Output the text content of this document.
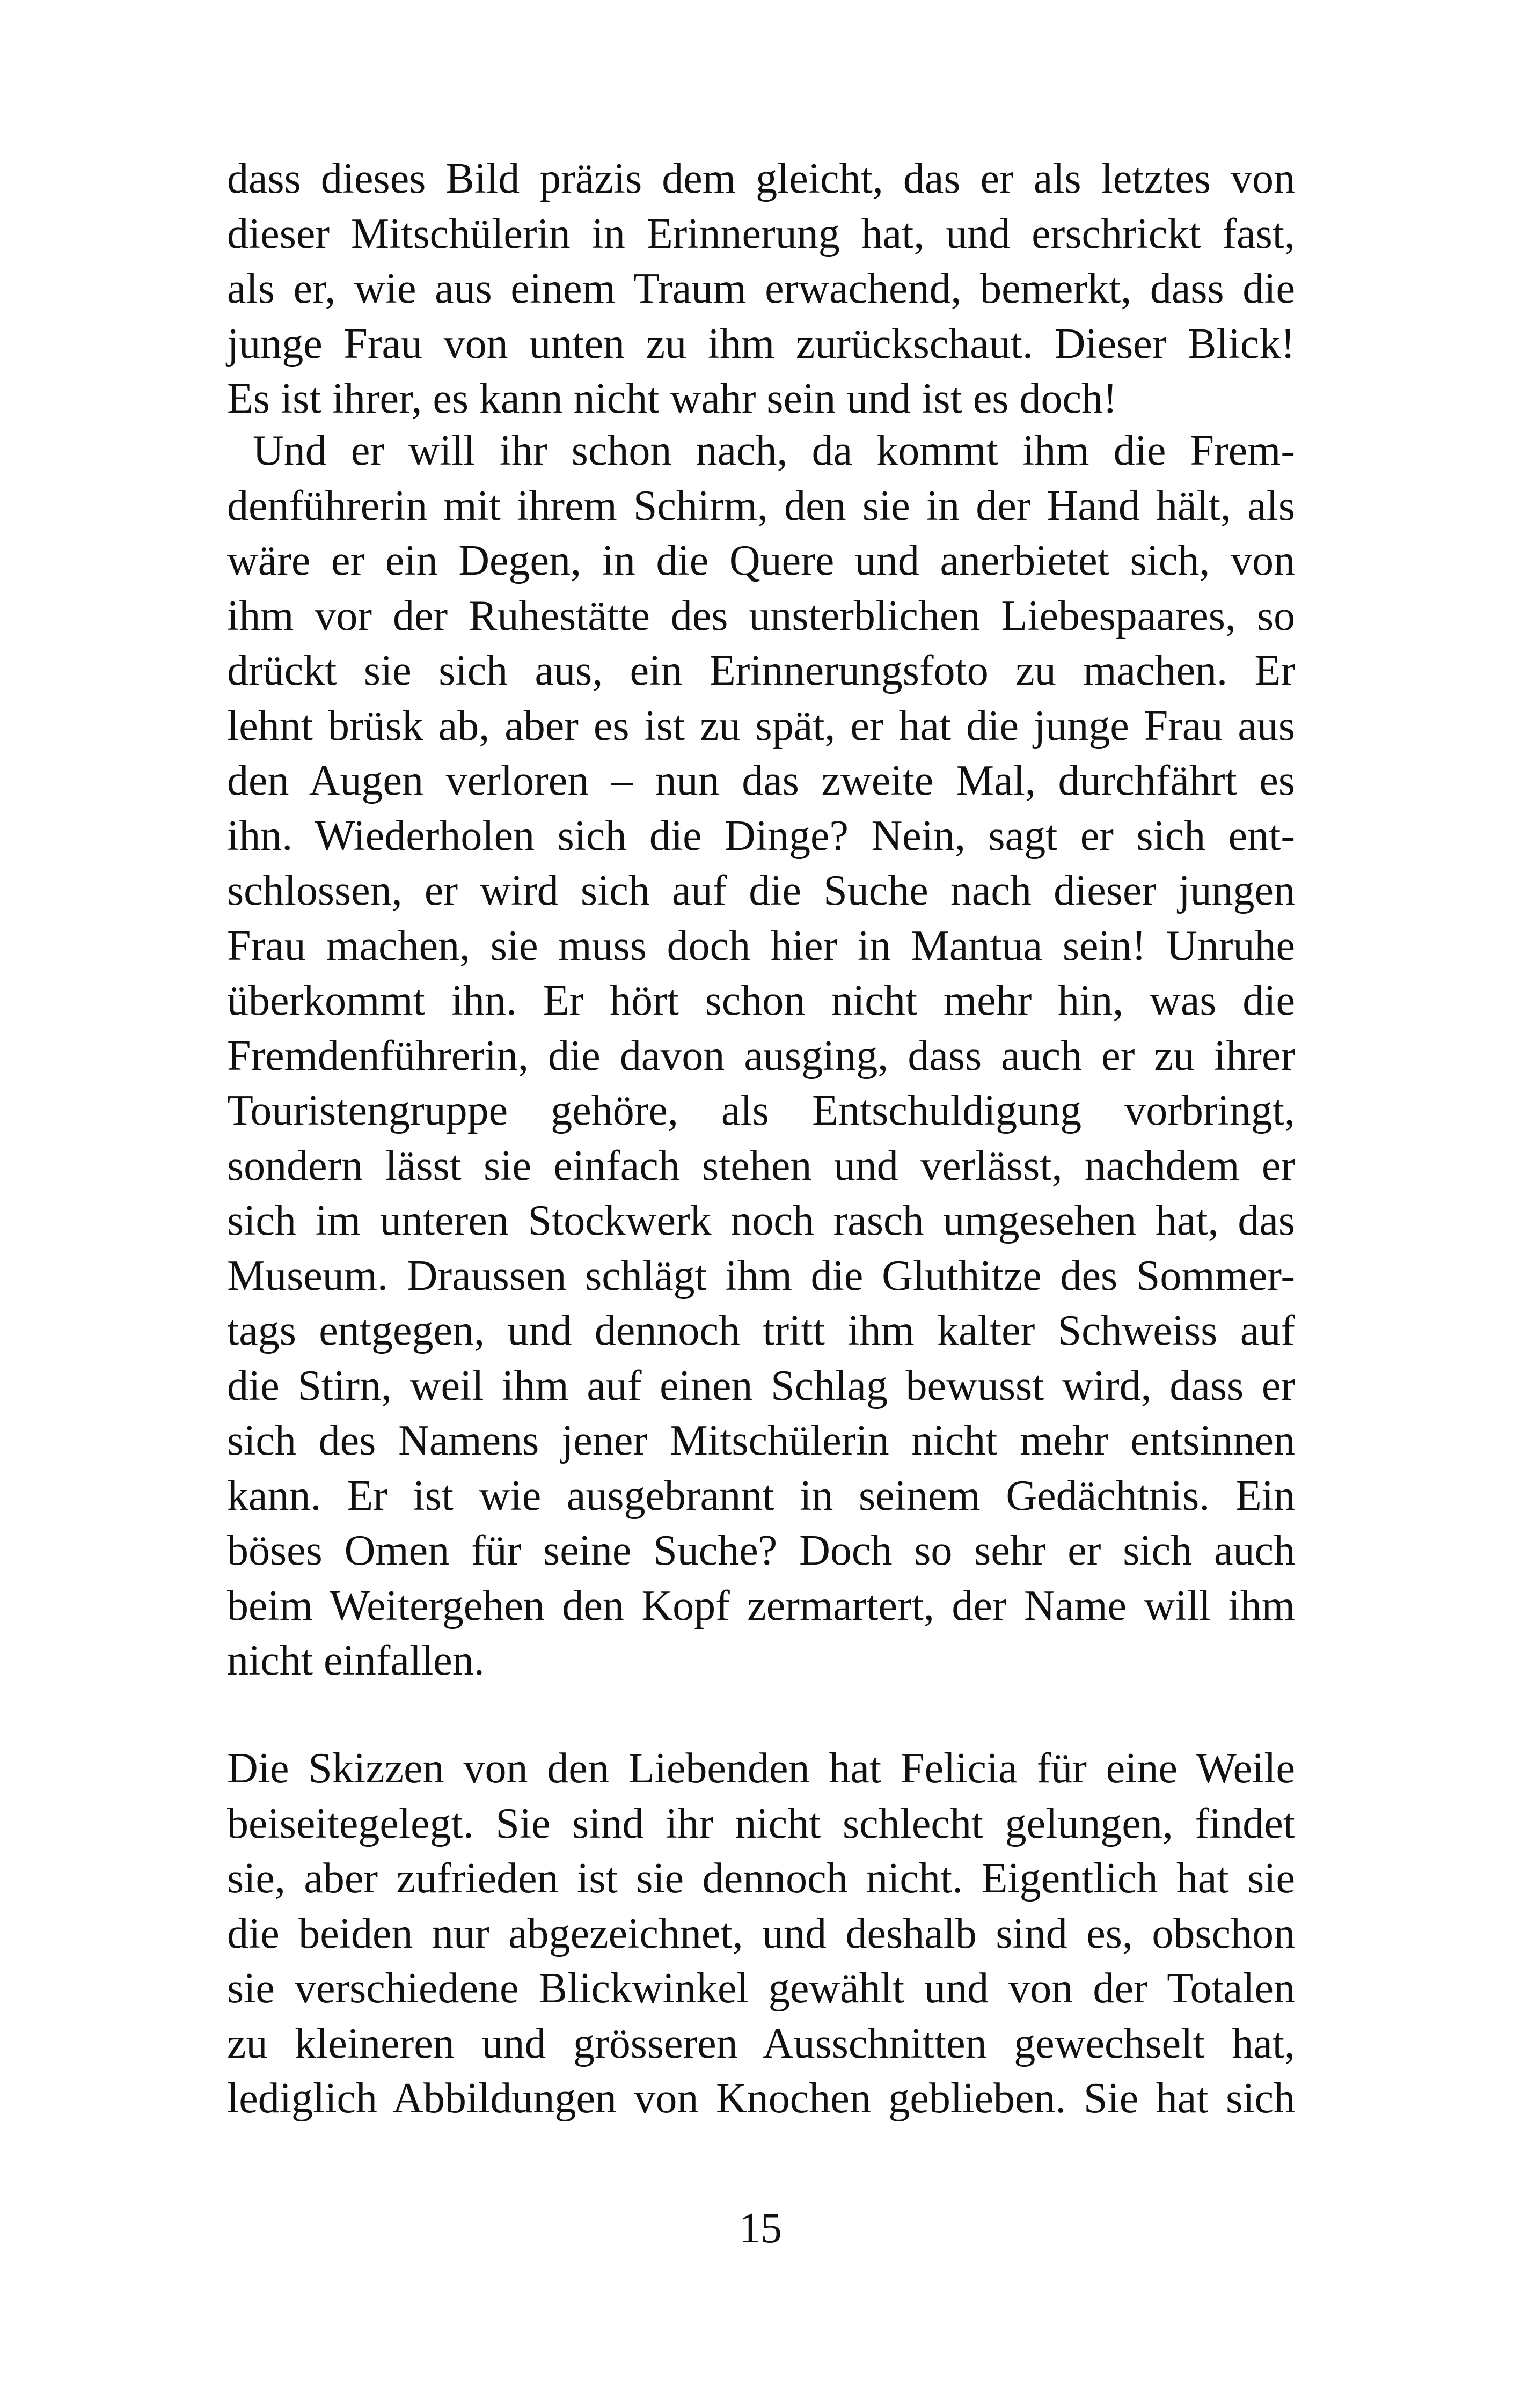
dass dieses Bild präzis dem gleicht, das er als letztes von
dieser Mitschülerin in Erinnerung hat, und erschrickt fast,
als er, wie aus einem Traum erwachend, bemerkt, dass die
junge Frau von unten zu ihm zurückschaut. Dieser Blick!
Es ist ihrer, es kann nicht wahr sein und ist es doch!
Und er will ihr schon nach, da kommt ihm die Frem-
denführerin mit ihrem Schirm, den sie in der Hand hält, als
wäre er ein Degen, in die Quere und anerbietet sich, von
ihm vor der Ruhestätte des unsterblichen Liebespaares, so
drückt sie sich aus, ein Erinnerungsfoto zu machen. Er
lehnt brüsk ab, aber es ist zu spät, er hat die junge Frau aus
den Augen verloren – nun das zweite Mal, durchfährt es
ihn. Wiederholen sich die Dinge? Nein, sagt er sich ent-
schlossen, er wird sich auf die Suche nach dieser jungen
Frau machen, sie muss doch hier in Mantua sein! Unruhe
überkommt ihn. Er hört schon nicht mehr hin, was die
Fremdenführerin, die davon ausging, dass auch er zu ihrer
Touristengruppe gehöre, als Entschuldigung vorbringt,
sondern lässt sie einfach stehen und verlässt, nachdem er
sich im unteren Stockwerk noch rasch umgesehen hat, das
Museum. Draussen schlägt ihm die Gluthitze des Sommer-
tags entgegen, und dennoch tritt ihm kalter Schweiss auf
die Stirn, weil ihm auf einen Schlag bewusst wird, dass er
sich des Namens jener Mitschülerin nicht mehr entsinnen
kann. Er ist wie ausgebrannt in seinem Gedächtnis. Ein
böses Omen für seine Suche? Doch so sehr er sich auch
beim Weitergehen den Kopf zermartert, der Name will ihm
nicht einfallen.
Die Skizzen von den Liebenden hat Felicia für eine Weile
beiseitegelegt. Sie sind ihr nicht schlecht gelungen, findet
sie, aber zufrieden ist sie dennoch nicht. Eigentlich hat sie
die beiden nur abgezeichnet, und deshalb sind es, obschon
sie verschiedene Blickwinkel gewählt und von der Totalen
zu kleineren und grösseren Ausschnitten gewechselt hat,
lediglich Abbildungen von Knochen geblieben. Sie hat sich
15
